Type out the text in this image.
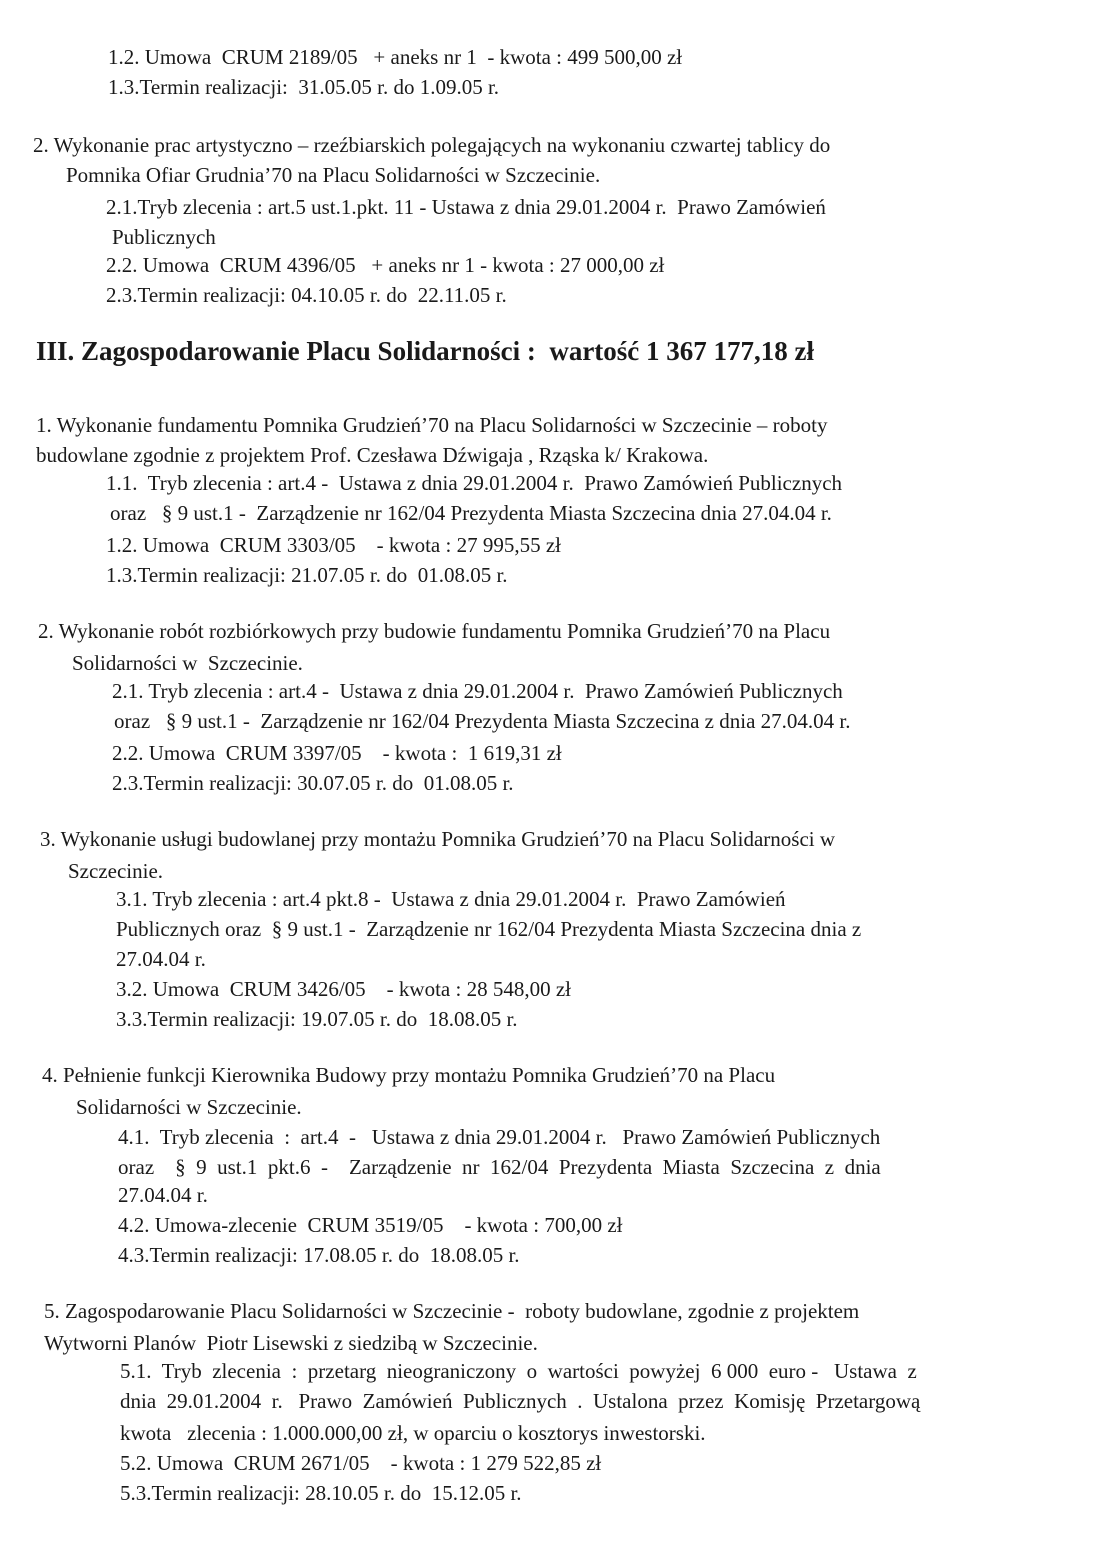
1.2. Umowa  CRUM 2189/05   + aneks nr 1  - kwota : 499 500,00 zł
1.3.Termin realizacji:  31.05.05 r. do 1.09.05 r.
2. Wykonanie prac artystyczno – rzeźbiarskich polegających na wykonaniu czwartej tablicy do
Pomnika Ofiar Grudnia’70 na Placu Solidarności w Szczecinie.
2.1.Tryb zlecenia : art.5 ust.1.pkt. 11 - Ustawa z dnia 29.01.2004 r.  Prawo Zamówień
Publicznych
2.2. Umowa  CRUM 4396/05   + aneks nr 1 - kwota : 27 000,00 zł
2.3.Termin realizacji: 04.10.05 r. do  22.11.05 r.
III. Zagospodarowanie Placu Solidarności :  wartość 1 367 177,18 zł
1. Wykonanie fundamentu Pomnika Grudzień’70 na Placu Solidarności w Szczecinie – roboty
budowlane zgodnie z projektem Prof. Czesława Dźwigaja , Rząska k/ Krakowa.
1.1.  Tryb zlecenia : art.4 -  Ustawa z dnia 29.01.2004 r.  Prawo Zamówień Publicznych
oraz   § 9 ust.1 -  Zarządzenie nr 162/04 Prezydenta Miasta Szczecina dnia 27.04.04 r.
1.2. Umowa  CRUM 3303/05    - kwota : 27 995,55 zł
1.3.Termin realizacji: 21.07.05 r. do  01.08.05 r.
2. Wykonanie robót rozbiórkowych przy budowie fundamentu Pomnika Grudzień’70 na Placu
Solidarności w  Szczecinie.
2.1. Tryb zlecenia : art.4 -  Ustawa z dnia 29.01.2004 r.  Prawo Zamówień Publicznych
oraz   § 9 ust.1 -  Zarządzenie nr 162/04 Prezydenta Miasta Szczecina z dnia 27.04.04 r.
2.2. Umowa  CRUM 3397/05    - kwota :  1 619,31 zł
2.3.Termin realizacji: 30.07.05 r. do  01.08.05 r.
3. Wykonanie usługi budowlanej przy montażu Pomnika Grudzień’70 na Placu Solidarności w
Szczecinie.
3.1. Tryb zlecenia : art.4 pkt.8 -  Ustawa z dnia 29.01.2004 r.  Prawo Zamówień
Publicznych oraz  § 9 ust.1 -  Zarządzenie nr 162/04 Prezydenta Miasta Szczecina dnia z
27.04.04 r.
3.2. Umowa  CRUM 3426/05    - kwota : 28 548,00 zł
3.3.Termin realizacji: 19.07.05 r. do  18.08.05 r.
4. Pełnienie funkcji Kierownika Budowy przy montażu Pomnika Grudzień’70 na Placu
Solidarności w Szczecinie.
4.1.  Tryb zlecenia  :  art.4  -   Ustawa z dnia 29.01.2004 r.   Prawo Zamówień Publicznych
oraz    §  9  ust.1  pkt.6  -    Zarządzenie  nr  162/04  Prezydenta  Miasta  Szczecina  z  dnia
27.04.04 r.
4.2. Umowa-zlecenie  CRUM 3519/05    - kwota : 700,00 zł
4.3.Termin realizacji: 17.08.05 r. do  18.08.05 r.
5. Zagospodarowanie Placu Solidarności w Szczecinie -  roboty budowlane, zgodnie z projektem
Wytworni Planów  Piotr Lisewski z siedzibą w Szczecinie.
5.1.  Tryb  zlecenia  :  przetarg  nieograniczony  o  wartości  powyżej  6 000  euro -   Ustawa  z
dnia  29.01.2004  r.   Prawo  Zamówień  Publicznych  .  Ustalona  przez  Komisję  Przetargową
kwota   zlecenia : 1.000.000,00 zł, w oparciu o kosztorys inwestorski.
5.2. Umowa  CRUM 2671/05    - kwota : 1 279 522,85 zł
5.3.Termin realizacji: 28.10.05 r. do  15.12.05 r.
